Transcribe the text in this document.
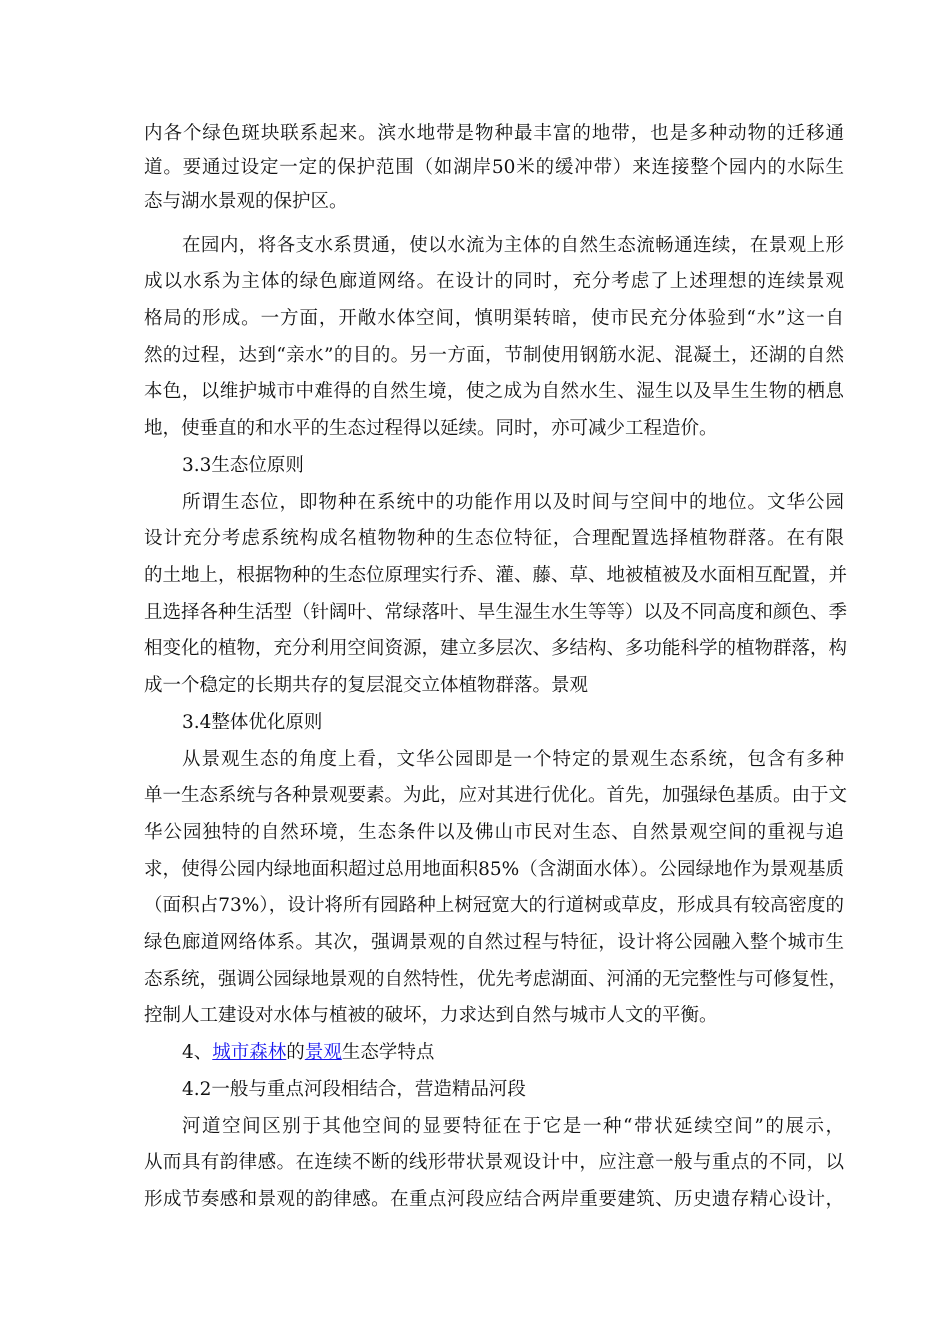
内各个绿色斑块联系起来。滨水地带是物种最丰富的地带，也是多种动物的迁移通
道。要通过设定一定的保护范围（如湖岸50米的缓冲带）来连接整个园内的水际生
态与湖水景观的保护区。
在园内，将各支水系贯通，使以水流为主体的自然生态流畅通连续，在景观上形
成以水系为主体的绿色廊道网络。在设计的同时，充分考虑了上述理想的连续景观
格局的形成。一方面，开敞水体空间，慎明渠转暗，使市民充分体验到“水”这一自
然的过程，达到“亲水”的目的。另一方面，节制使用钢筋水泥、混凝土，还湖的自然
本色，以维护城市中难得的自然生境，使之成为自然水生、湿生以及旱生生物的栖息
地，使垂直的和水平的生态过程得以延续。同时，亦可减少工程造价。
3.3生态位原则
所谓生态位，即物种在系统中的功能作用以及时间与空间中的地位。文华公园
设计充分考虑系统构成名植物物种的生态位特征，合理配置选择植物群落。在有限
的土地上，根据物种的生态位原理实行乔、灌、藤、草、地被植被及水面相互配置，并
且选择各种生活型（针阔叶、常绿落叶、旱生湿生水生等等）以及不同高度和颜色、季
相变化的植物，充分利用空间资源，建立多层次、多结构、多功能科学的植物群落，构
成一个稳定的长期共存的复层混交立体植物群落。景观
3.4整体优化原则
从景观生态的角度上看，文华公园即是一个特定的景观生态系统，包含有多种
单一生态系统与各种景观要素。为此，应对其进行优化。首先，加强绿色基质。由于文
华公园独特的自然环境，生态条件以及佛山市民对生态、自然景观空间的重视与追
求，使得公园内绿地面积超过总用地面积85%（含湖面水体）。公园绿地作为景观基质
（面积占73%），设计将所有园路种上树冠宽大的行道树或草皮，形成具有较高密度的
绿色廊道网络体系。其次，强调景观的自然过程与特征，设计将公园融入整个城市生
态系统，强调公园绿地景观的自然特性，优先考虑湖面、河涌的无完整性与可修复性，
控制人工建设对水体与植被的破坏，力求达到自然与城市人文的平衡。
4、城市森林的景观生态学特点
4.2一般与重点河段相结合，营造精品河段
河道空间区别于其他空间的显要特征在于它是一种“带状延续空间”的展示，
从而具有韵律感。在连续不断的线形带状景观设计中，应注意一般与重点的不同，以
形成节奏感和景观的韵律感。在重点河段应结合两岸重要建筑、历史遗存精心设计，
